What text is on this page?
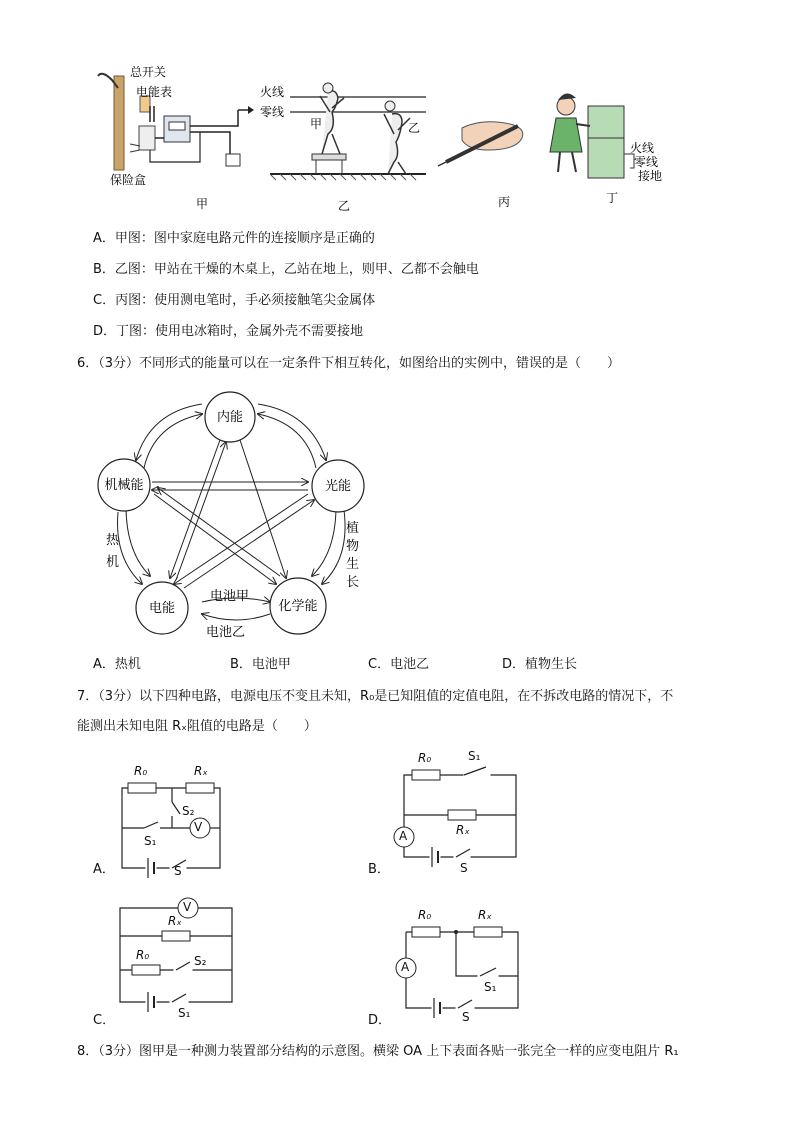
总开关
电能表
保险盒
火线
零线
甲	乙
火线
零线
接地
甲	乙	丙	丁
A．甲图：图中家庭电路元件的连接顺序是正确的
B．乙图：甲站在干燥的木桌上，乙站在地上，则甲、乙都不会触电
C．丙图：使用测电笔时，手必须接触笔尖金属体
D．丁图：使用电冰箱时，金属外壳不需要接地
6．（3分）不同形式的能量可以在一定条件下相互转化，如图给出的实例中，错误的是（　　）
内能
机械能	光能
电能	化学能
热
机
植
物
生
长
电池甲
电池乙
A．热机	B．电池甲	C．电池乙	D．植物生长
7．（3分）以下四种电路，电源电压不变且未知，R₀是已知阻值的定值电阻，在不拆改电路的情况下，不
能测出未知电阻 Rₓ阻值的电路是（　　）
R₀	Rₓ
S₂
V
S₁
S
A．
R₀	S₁
Rₓ
A
S
B．
V
Rₓ
R₀	S₂
S₁
C．
R₀	Rₓ
A
S₁
S
D．
8．（3分）图甲是一种测力装置部分结构的示意图。横梁 OA 上下表面各贴一张完全一样的应变电阻片 R₁
